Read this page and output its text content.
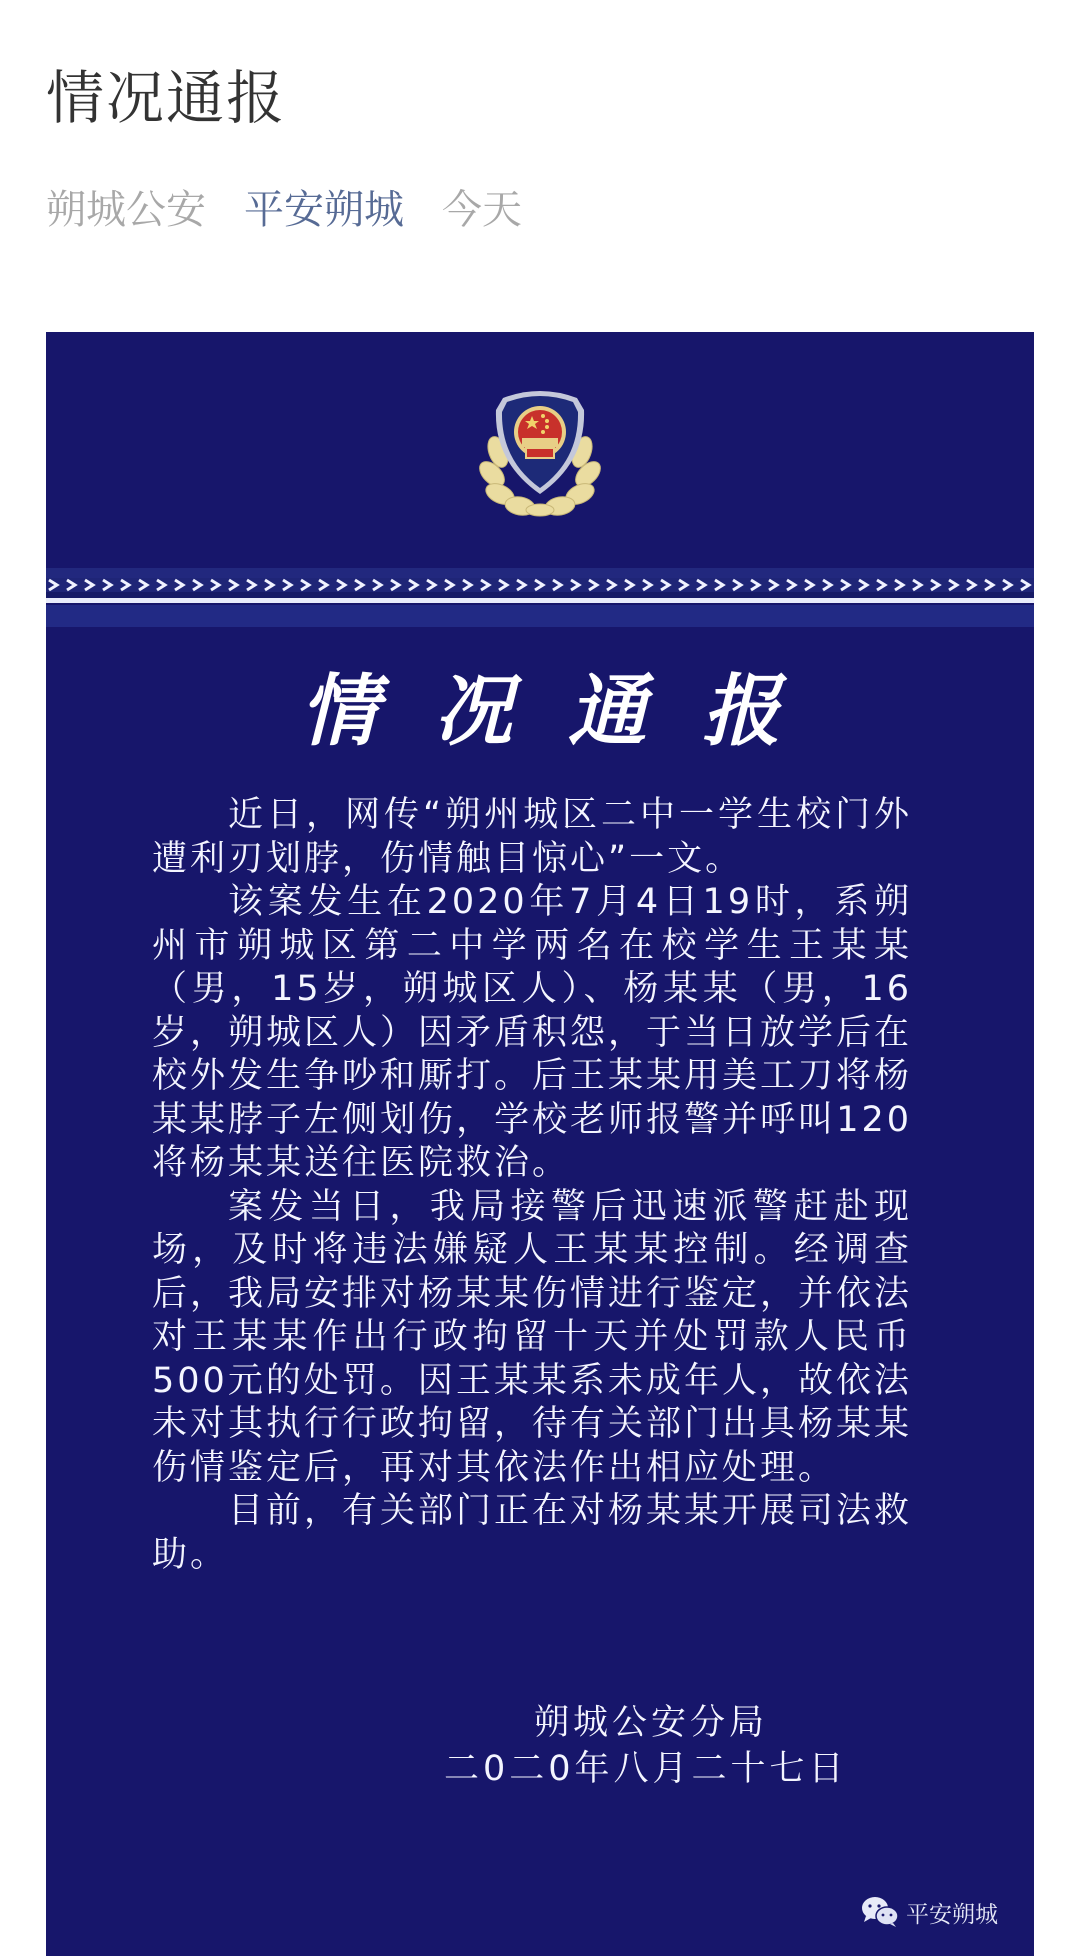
情况通报
朔城公安 平安朔城 今天
情况通报

近日，网传“朔州城区二中一学生校门外遭利刃划脖，伤情触目惊心”一文。

该案发生在2020年7月4日19时，系朔州市朔城区第二中学两名在校学生王某某（男，15岁，朔城区人）、杨某某（男，16岁，朔城区人）因矛盾积怨，于当日放学后在校外发生争吵和厮打。后王某某用美工刀将杨某某脖子左侧划伤，学校老师报警并呼叫120将杨某某送往医院救治。

案发当日，我局接警后迅速派警赶赴现场，及时将违法嫌疑人王某某控制。经调查后，我局安排对杨某某伤情进行鉴定，并依法对王某某作出行政拘留十天并处罚款人民币500元的处罚。因王某某系未成年人，故依法未对其执行行政拘留，待有关部门出具杨某某伤情鉴定后，再对其依法作出相应处理。

目前，有关部门正在对杨某某开展司法救助。

朔城公安分局
二0二0年八月二十七日
平安朔城
